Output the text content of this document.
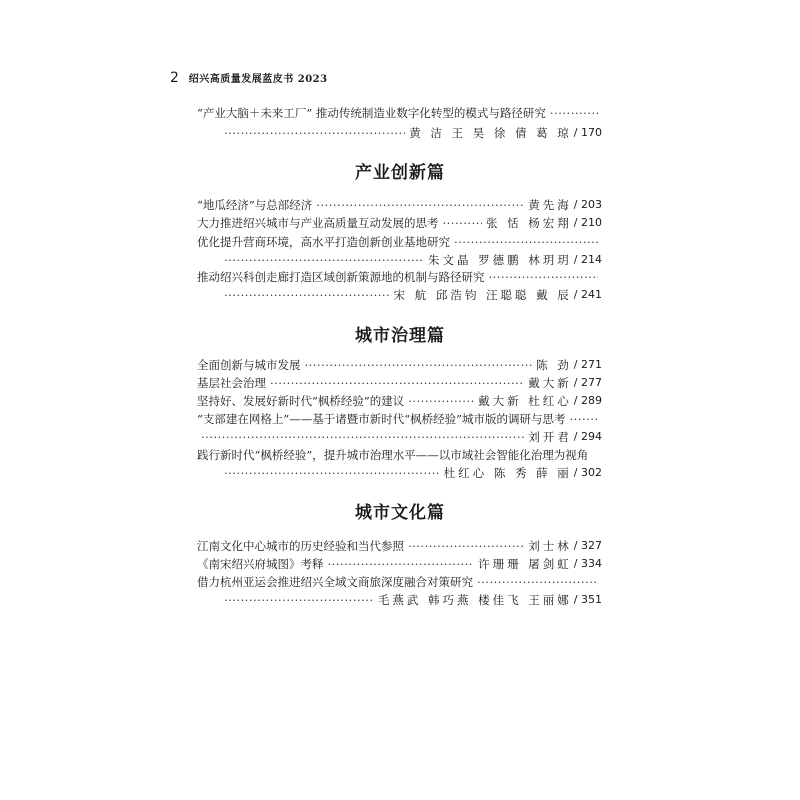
2 绍兴高质量发展蓝皮书 2023
“产业大脑＋未来工厂” 推动传统制造业数字化转型的模式与路径研究
·····
·····
黄 洁 王 昊 徐 倩 葛 琼 / 170
产业创新篇
“地瓜经济”与总部经济 ·····	黄先海 / 203
大力推进绍兴城市与产业高质量互动发展的思考 ·····	张 恬 杨宏翔 / 210
优化提升营商环境，高水平打造创新创业基地研究
·····
·····
朱文晶 罗德鹏 林玥玥 / 214
推动绍兴科创走廊打造区域创新策源地的机制与路径研究
·····
·····
宋 航 邱浩钧 汪聪聪 戴 辰 / 241
城市治理篇
全面创新与城市发展 ·····	陈 劲 / 271
基层社会治理 ·····	戴大新 / 277
坚持好、发展好新时代“枫桥经验”的建议 ·····	戴大新 杜红心 / 289
“支部建在网格上”——基于诸暨市新时代“枫桥经验”城市版的调研与思考
·····
·····
刘开君 / 294
践行新时代“枫桥经验”，提升城市治理水平——以市域社会智能化治理为视角
·····
杜红心 陈 秀 薛 丽 / 302
城市文化篇
江南文化中心城市的历史经验和当代参照 ·····	刘士林 / 327
《南宋绍兴府城图》考释 ·····	许珊珊 屠剑虹 / 334
借力杭州亚运会推进绍兴全域文商旅深度融合对策研究
·····
·····
毛燕武 韩巧燕 楼佳飞 王丽娜 / 351
